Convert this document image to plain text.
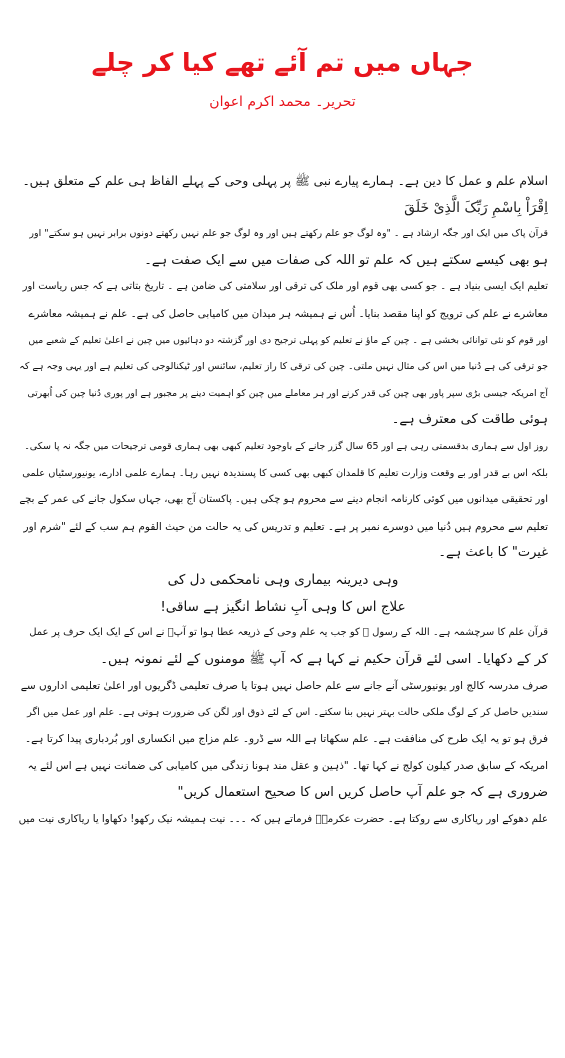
جہاں میں تم آئے تھے کیا کر چلے
تحریر۔ محمد اکرم اعوان
اسلام علم و عمل کا دین ہے۔ ہمارے پیارے نبی ﷺ پر پہلی وحی کے پہلے الفاظ ہی علم کے متعلق ہیں۔
اِقْرَاْ بِاسْمِ رَبِّکَ الَّذِیْ خَلَقَ
قرآن پاک میں ایک اور جگہ ارشاد ہے ۔ "وہ لوگ جو علم رکھتے ہیں اور وہ لوگ جو علم نہیں رکھتے دونوں برابر نہیں ہو سکتے" اور
ہو بھی کیسے سکتے ہیں کہ علم تو اللہ کی صفات میں سے ایک صفت ہے۔
تعلیم ایک ایسی بنیاد ہے ۔ جو کسی بھی قوم اور ملک کی ترقی اور سلامتی کی ضامن ہے ۔ تاریخ بتاتی ہے کہ جس ریاست اور
معاشرے نے علم کی ترویج کو اپنا مقصد بنایا۔ اُس نے ہمیشہ ہر میدان میں کامیابی حاصل کی ہے۔ علم نے ہمیشہ معاشرے
اور قوم کو نئی توانائی بخشی ہے ۔ چین کے ماؤ نے تعلیم کو پہلی ترجیح دی اور گزشتہ دو دہائیوں میں چین نے اعلیٰ تعلیم کے شعبے میں
جو ترقی کی ہے دُنیا میں اس کی مثال نہیں ملتی۔ چین کی ترقی کا راز تعلیم، سائنس اور ٹیکنالوجی کی تعلیم ہے اور یہی وجہ ہے کہ
آج امریکہ جیسی بڑی سپر پاور بھی چین کی قدر کرنے اور ہر معاملے میں چین کو اہمیت دینے پر مجبور ہے اور پوری دُنیا چین کی اُبھرتی
ہوئی طاقت کی معترف ہے۔
روز اول سے ہماری بدقسمتی رہی ہے اور 65 سال گزر جانے کے باوجود تعلیم کبھی بھی ہماری قومی ترجیحات میں جگہ نہ پا سکی۔
بلکہ اس بے قدر اور بے وقعت وزارت تعلیم کا قلمدان کبھی بھی کسی کا پسندیدہ نہیں رہا۔ ہمارے علمی ادارے، یونیورسٹیاں علمی
اور تحقیقی میدانوں میں کوئی کارنامہ انجام دینے سے محروم ہو چکی ہیں۔ پاکستان آج بھی، جہاں سکول جانے کی عمر کے بچے
تعلیم سے محروم ہیں دُنیا میں دوسرے نمبر پر ہے۔ تعلیم و تدریس کی یہ حالت من حیث القوم ہم سب کے لئے "شرم اور
غیرت" کا باعث ہے۔
وہی دیرینہ بیماری وہی نامحکمی دل کی
علاج اس کا وہی آبِ نشاط انگیز ہے ساقی!
قرآن علم کا سرچشمہ ہے۔ اللہ کے رسول ﷺ کو جب یہ علم وحی کے ذریعہ عطا ہوا تو آپؐ نے اس کے ایک ایک حرف پر عمل
کر کے دکھایا۔ اسی لئے قرآن حکیم نے کہا ہے کہ آپ ﷺ مومنوں کے لئے نمونہ ہیں۔
صرف مدرسہ کالج اور یونیورسٹی آنے جانے سے علم حاصل نہیں ہوتا یا صرف تعلیمی ڈگریوں اور اعلیٰ تعلیمی اداروں سے
سندیں حاصل کر کے لوگ ملکی حالت بہتر نہیں بنا سکتے۔ اس کے لئے ذوق اور لگن کی ضرورت ہوتی ہے۔ علم اور عمل میں اگر
فرق ہو تو یہ ایک طرح کی منافقت ہے۔ علم سکھاتا ہے اللہ سے ڈرو۔ علم مزاج میں انکساری اور بُردباری پیدا کرتا ہے۔
امریکہ کے سابق صدر کیلون کولج نے کہا تھا۔ "ذہین و عقل مند ہونا زندگی میں کامیابی کی ضمانت نہیں ہے اس لئے یہ
ضروری ہے کہ جو علم آپ حاصل کریں اس کا صحیح استعمال کریں"
علم دھوکے اور ریاکاری سے روکتا ہے۔ حضرت عکرمہؓ فرماتے ہیں کہ ۔۔۔ نیت ہمیشہ نیک رکھو! دکھاوا یا ریاکاری نیت میں
